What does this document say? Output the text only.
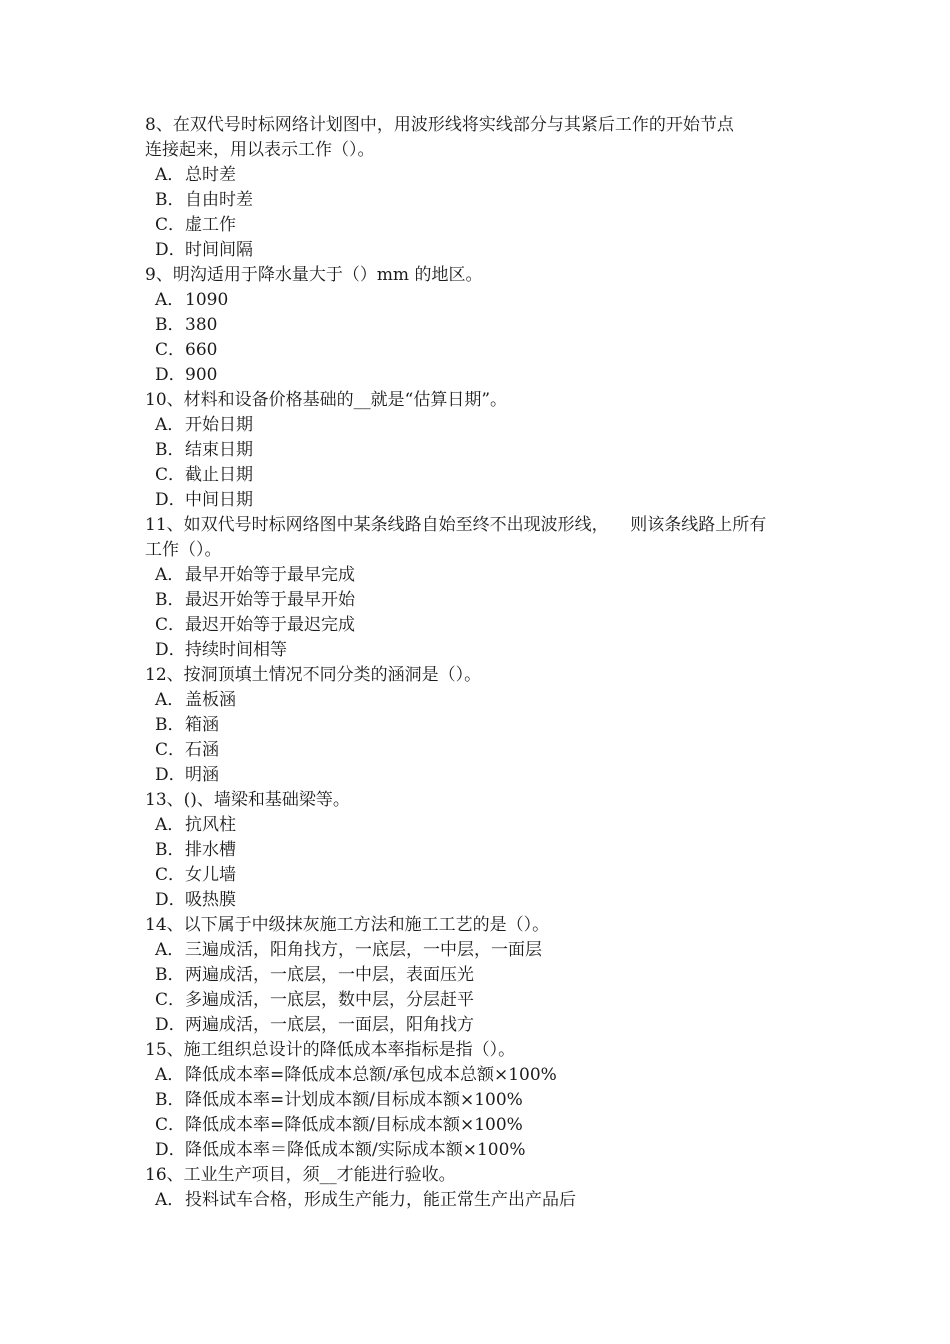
8、在双代号时标网络计划图中，用波形线将实线部分与其紧后工作的开始节点
连接起来，用以表示工作（）。
A．总时差
B．自由时差
C．虚工作
D．时间间隔
9、明沟适用于降水量大于（）mm 的地区。
A．1090
B．380
C．660
D．900
10、材料和设备价格基础的__就是“估算日期”。
A．开始日期
B．结束日期
C．截止日期
D．中间日期
11、如双代号时标网络图中某条线路自始至终不出现波形线，    则该条线路上所有
工作（）。
A．最早开始等于最早完成
B．最迟开始等于最早开始
C．最迟开始等于最迟完成
D．持续时间相等
12、按洞顶填土情况不同分类的涵洞是（）。
A．盖板涵
B．箱涵
C．石涵
D．明涵
13、()、墙梁和基础梁等。
A．抗风柱
B．排水槽
C．女儿墙
D．吸热膜
14、以下属于中级抹灰施工方法和施工工艺的是（）。
A．三遍成活，阳角找方，一底层，一中层，一面层
B．两遍成活，一底层，一中层，表面压光
C．多遍成活，一底层，数中层，分层赶平
D．两遍成活，一底层，一面层，阳角找方
15、施工组织总设计的降低成本率指标是指（）。
A．降低成本率=降低成本总额/承包成本总额×100%
B．降低成本率=计划成本额/目标成本额×100%
C．降低成本率=降低成本额/目标成本额×100%
D．降低成本率＝降低成本额/实际成本额×100%
16、工业生产项目，须__才能进行验收。
A．投料试车合格，形成生产能力，能正常生产出产品后
